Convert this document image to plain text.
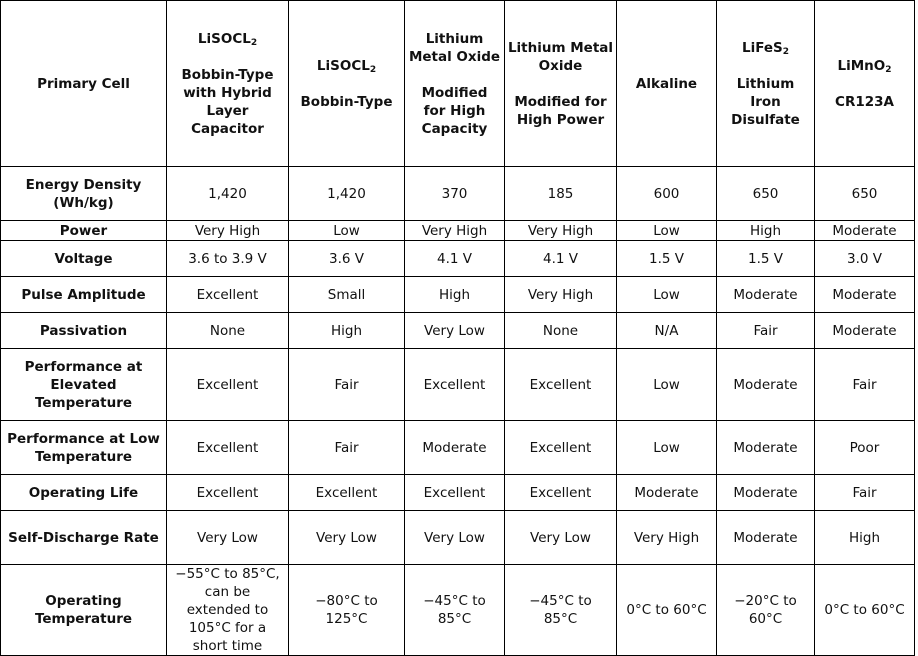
Primary Cell	LiSOCL$_2$
Bobbin-Type
with Hybrid
Layer
Capacitor	LiSOCL$_2$
Bobbin-Type	Lithium
Metal Oxide
Modified
for High
Capacity	Lithium Metal
Oxide
Modified for
High Power	Alkaline	LiFeS$_2$
Lithium
Iron
Disulfate	LiMnO$_2$
CR123A

Energy Density
(Wh/kg)	1,420	1,420	370	185	600	650	650

Power	Very High	Low	Very High	Very High	Low	High	Moderate

Voltage	3.6 to 3.9 V	3.6 V	4.1 V	4.1 V	1.5 V	1.5 V	3.0 V

Pulse Amplitude	Excellent	Small	High	Very High	Low	Moderate	Moderate

Passivation	None	High	Very Low	None	N/A	Fair	Moderate

Performance at
Elevated
Temperature	Excellent	Fair	Excellent	Excellent	Low	Moderate	Fair

Performance at Low
Temperature	Excellent	Fair	Moderate	Excellent	Low	Moderate	Poor

Operating Life	Excellent	Excellent	Excellent	Excellent	Moderate	Moderate	Fair

Self-Discharge Rate	Very Low	Very Low	Very Low	Very Low	Very High	Moderate	High

Operating
Temperature	−55°C to 85°C,
can be
extended to
105°C for a
short time	−80°C to
125°C	−45°C to
85°C	−45°C to
85°C	0°C to 60°C	−20°C to
60°C	0°C to 60°C
